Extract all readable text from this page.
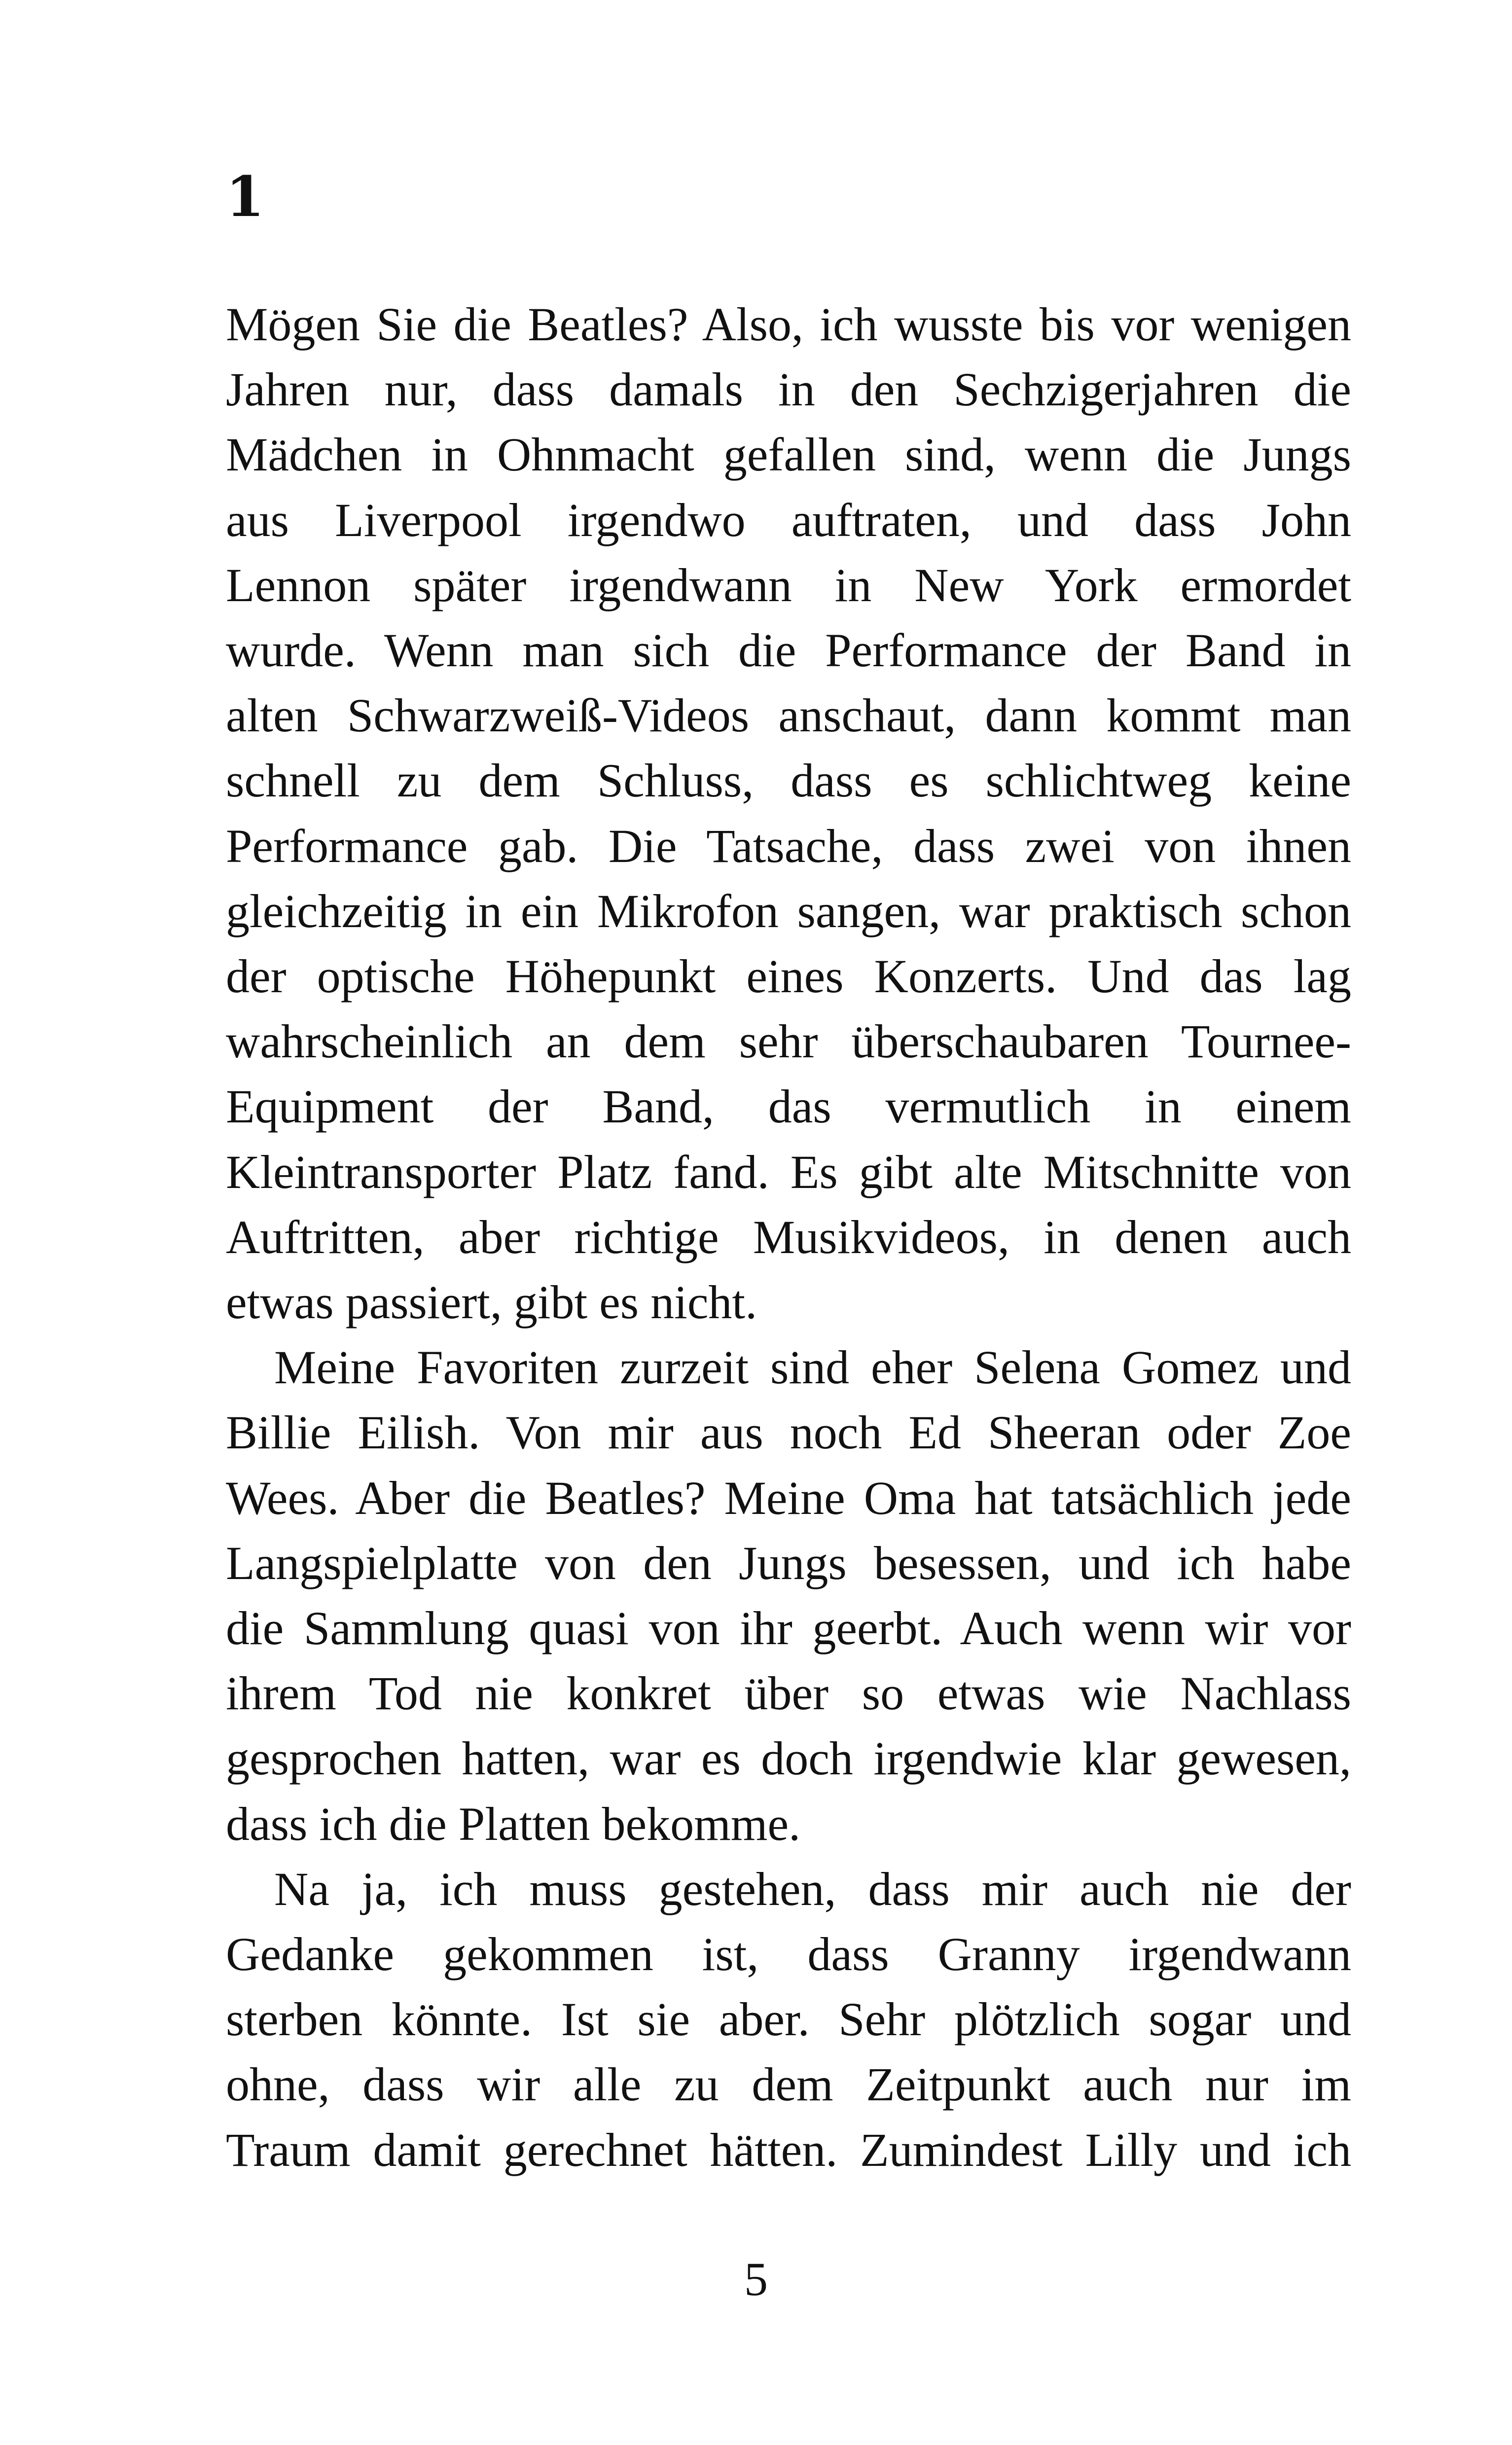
1
Mögen Sie die Beatles? Also, ich wusste bis vor wenigen
Jahren nur, dass damals in den Sechzigerjahren die
Mädchen in Ohnmacht gefallen sind, wenn die Jungs
aus Liverpool irgendwo auftraten, und dass John
Lennon später irgendwann in New York ermordet
wurde. Wenn man sich die Performance der Band in
alten Schwarzweiß-Videos anschaut, dann kommt man
schnell zu dem Schluss, dass es schlichtweg keine
Performance gab. Die Tatsache, dass zwei von ihnen
gleichzeitig in ein Mikrofon sangen, war praktisch schon
der optische Höhepunkt eines Konzerts. Und das lag
wahrscheinlich an dem sehr überschaubaren Tournee-
Equipment der Band, das vermutlich in einem
Kleintransporter Platz fand. Es gibt alte Mitschnitte von
Auftritten, aber richtige Musikvideos, in denen auch
etwas passiert, gibt es nicht.
Meine Favoriten zurzeit sind eher Selena Gomez und
Billie Eilish. Von mir aus noch Ed Sheeran oder Zoe
Wees. Aber die Beatles? Meine Oma hat tatsächlich jede
Langspielplatte von den Jungs besessen, und ich habe
die Sammlung quasi von ihr geerbt. Auch wenn wir vor
ihrem Tod nie konkret über so etwas wie Nachlass
gesprochen hatten, war es doch irgendwie klar gewesen,
dass ich die Platten bekomme.
Na ja, ich muss gestehen, dass mir auch nie der
Gedanke gekommen ist, dass Granny irgendwann
sterben könnte. Ist sie aber. Sehr plötzlich sogar und
ohne, dass wir alle zu dem Zeitpunkt auch nur im
Traum damit gerechnet hätten. Zumindest Lilly und ich
5
